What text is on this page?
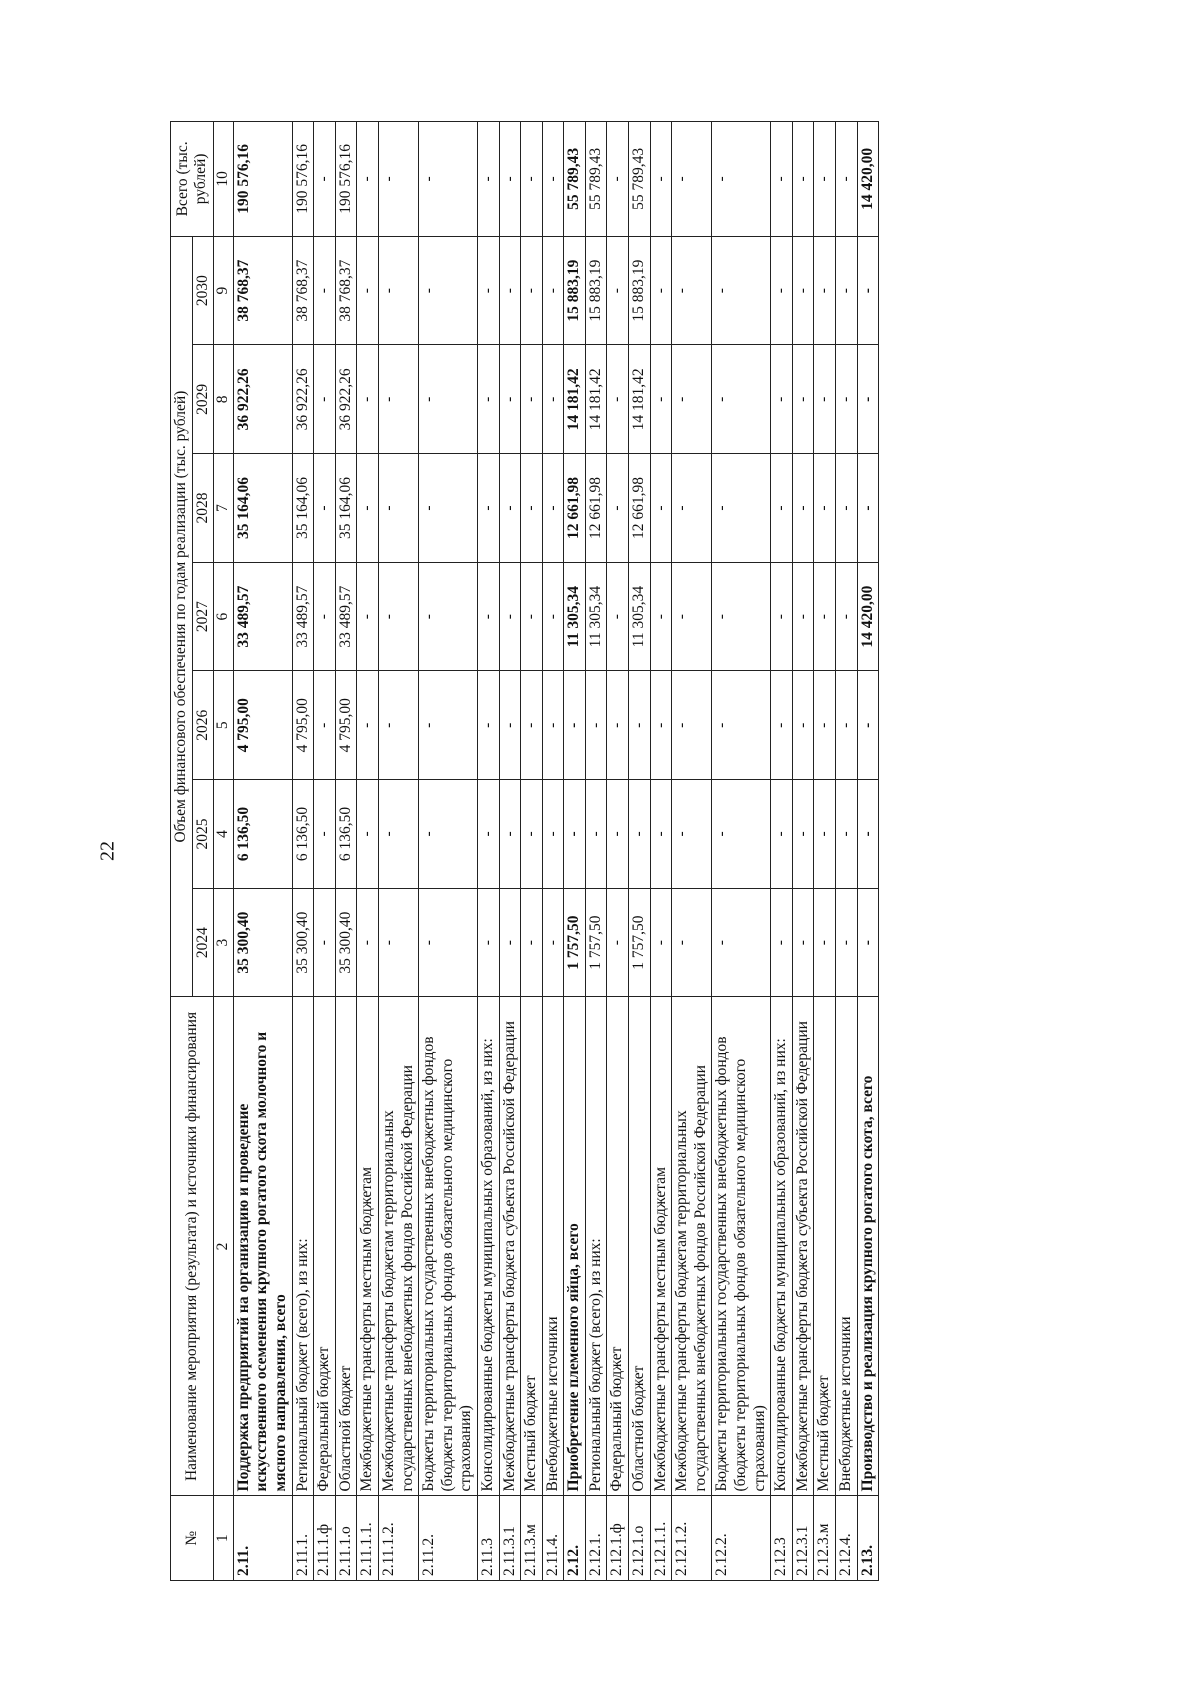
22
№	Наименование мероприятия (результата) и источники финансирования	Объем финансового обеспечения по годам реализации (тыс. рублей)							Всего (тыс. рублей)
		2024	2025	2026	2027	2028	2029	2030	
1	2	3	4	5	6	7	8	9	10
2.11.	Поддержка предприятий на организацию и проведение искусственного осеменения крупного рогатого скота молочного и мясного направления, всего	35 300,40	6 136,50	4 795,00	33 489,57	35 164,06	36 922,26	38 768,37	190 576,16
2.11.1.	Региональный бюджет (всего), из них:	35 300,40	6 136,50	4 795,00	33 489,57	35 164,06	36 922,26	38 768,37	190 576,16
2.11.1.ф	Федеральный бюджет	-	-	-	-	-	-	-	-
2.11.1.о	Областной бюджет	35 300,40	6 136,50	4 795,00	33 489,57	35 164,06	36 922,26	38 768,37	190 576,16
2.11.1.1.	Межбюджетные трансферты местным бюджетам	-	-	-	-	-	-	-	-
2.11.1.2.	Межбюджетные трансферты бюджетам территориальных государственных внебюджетных фондов Российской Федерации	-	-	-	-	-	-	-	-
2.11.2.	Бюджеты территориальных государственных внебюджетных фондов (бюджеты территориальных фондов обязательного медицинского страхования)	-	-	-	-	-	-	-	-
2.11.3	Консолидированные бюджеты муниципальных образований, из них:	-	-	-	-	-	-	-	-
2.11.3.1	Межбюджетные трансферты бюджета субъекта Российской Федерации	-	-	-	-	-	-	-	-
2.11.3.м	Местный бюджет	-	-	-	-	-	-	-	-
2.11.4.	Внебюджетные источники	-	-	-	-	-	-	-	-
2.12.	Приобретение племенного яйца, всего	1 757,50	-	-	11 305,34	12 661,98	14 181,42	15 883,19	55 789,43
2.12.1.	Региональный бюджет (всего), из них:	1 757,50	-	-	11 305,34	12 661,98	14 181,42	15 883,19	55 789,43
2.12.1.ф	Федеральный бюджет	-	-	-	-	-	-	-	-
2.12.1.о	Областной бюджет	1 757,50	-	-	11 305,34	12 661,98	14 181,42	15 883,19	55 789,43
2.12.1.1.	Межбюджетные трансферты местным бюджетам	-	-	-	-	-	-	-	-
2.12.1.2.	Межбюджетные трансферты бюджетам территориальных государственных внебюджетных фондов Российской Федерации	-	-	-	-	-	-	-	-
2.12.2.	Бюджеты территориальных государственных внебюджетных фондов (бюджеты территориальных фондов обязательного медицинского страхования)	-	-	-	-	-	-	-	-
2.12.3	Консолидированные бюджеты муниципальных образований, из них:	-	-	-	-	-	-	-	-
2.12.3.1	Межбюджетные трансферты бюджета субъекта Российской Федерации	-	-	-	-	-	-	-	-
2.12.3.м	Местный бюджет	-	-	-	-	-	-	-	-
2.12.4.	Внебюджетные источники	-	-	-	-	-	-	-	-
2.13.	Производство и реализация крупного рогатого скота, всего	-	-	-	14 420,00	-	-	-	14 420,00
